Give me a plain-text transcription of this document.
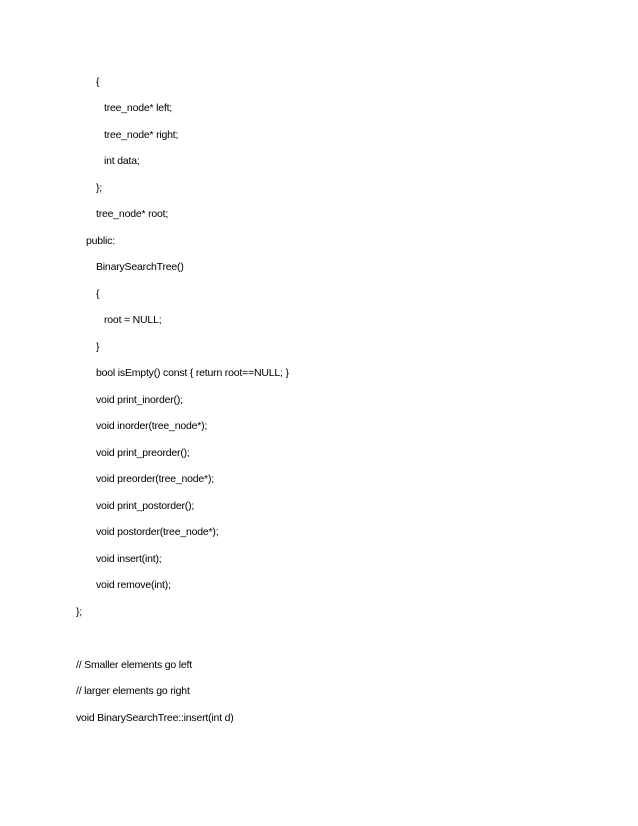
{
tree_node* left;
tree_node* right;
int data;
};
tree_node* root;
public:
BinarySearchTree()
{
root = NULL;
}
bool isEmpty() const { return root==NULL; }
void print_inorder();
void inorder(tree_node*);
void print_preorder();
void preorder(tree_node*);
void print_postorder();
void postorder(tree_node*);
void insert(int);
void remove(int);
};
// Smaller elements go left
// larger elements go right
void BinarySearchTree::insert(int d)
